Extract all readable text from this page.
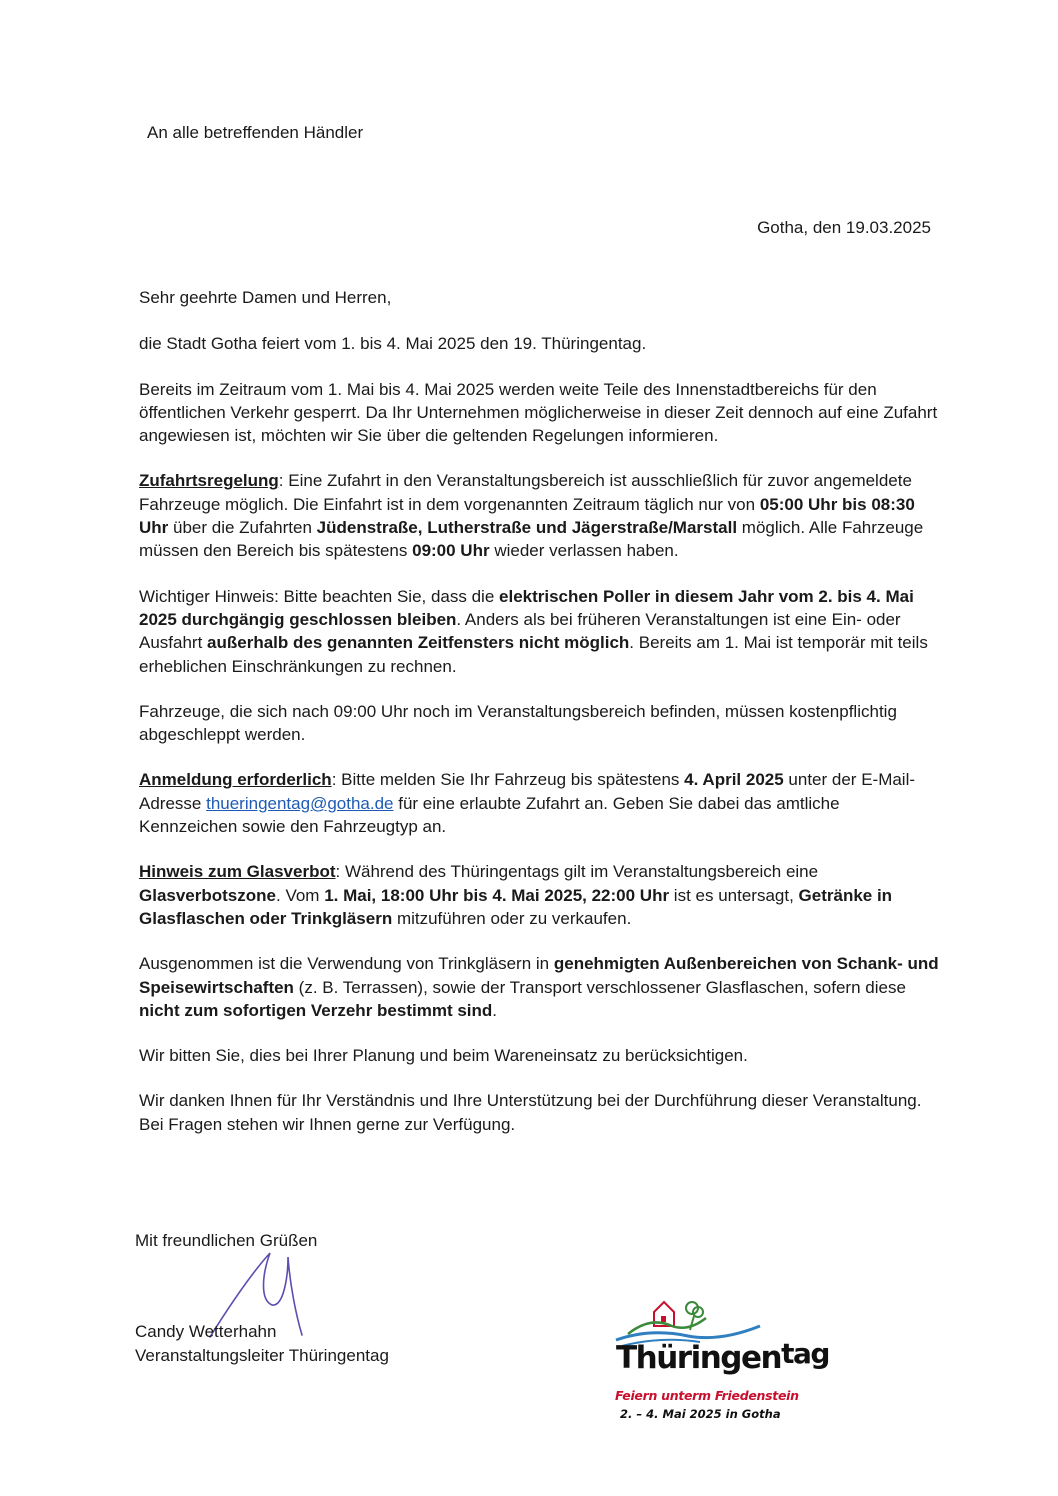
An alle betreffenden Händler
Gotha, den 19.03.2025

Sehr geehrte Damen und Herren,

die Stadt Gotha feiert vom 1. bis 4. Mai 2025 den 19. Thüringentag.

Bereits im Zeitraum vom 1. Mai bis 4. Mai 2025 werden weite Teile des Innenstadtbereichs für den öffentlichen Verkehr gesperrt. Da Ihr Unternehmen möglicherweise in dieser Zeit dennoch auf eine Zufahrt angewiesen ist, möchten wir Sie über die geltenden Regelungen informieren.

Zufahrtsregelung: Eine Zufahrt in den Veranstaltungsbereich ist ausschließlich für zuvor angemeldete Fahrzeuge möglich. Die Einfahrt ist in dem vorgenannten Zeitraum täglich nur von 05:00 Uhr bis 08:30 Uhr über die Zufahrten Jüdenstraße, Lutherstraße und Jägerstraße/Marstall möglich. Alle Fahrzeuge müssen den Bereich bis spätestens 09:00 Uhr wieder verlassen haben.

Wichtiger Hinweis: Bitte beachten Sie, dass die elektrischen Poller in diesem Jahr vom 2. bis 4. Mai 2025 durchgängig geschlossen bleiben. Anders als bei früheren Veranstaltungen ist eine Ein- oder Ausfahrt außerhalb des genannten Zeitfensters nicht möglich. Bereits am 1. Mai ist temporär mit teils erheblichen Einschränkungen zu rechnen.

Fahrzeuge, die sich nach 09:00 Uhr noch im Veranstaltungsbereich befinden, müssen kostenpflichtig abgeschleppt werden.

Anmeldung erforderlich: Bitte melden Sie Ihr Fahrzeug bis spätestens 4. April 2025 unter der E-Mail-Adresse thueringentag@gotha.de für eine erlaubte Zufahrt an. Geben Sie dabei das amtliche Kennzeichen sowie den Fahrzeugtyp an.

Hinweis zum Glasverbot: Während des Thüringentags gilt im Veranstaltungsbereich eine Glasverbotszone. Vom 1. Mai, 18:00 Uhr bis 4. Mai 2025, 22:00 Uhr ist es untersagt, Getränke in Glasflaschen oder Trinkgläsern mitzuführen oder zu verkaufen.

Ausgenommen ist die Verwendung von Trinkgläsern in genehmigten Außenbereichen von Schank- und Speisewirtschaften (z. B. Terrassen), sowie der Transport verschlossener Glasflaschen, sofern diese nicht zum sofortigen Verzehr bestimmt sind.

Wir bitten Sie, dies bei Ihrer Planung und beim Wareneinsatz zu berücksichtigen.

Wir danken Ihnen für Ihr Verständnis und Ihre Unterstützung bei der Durchführung dieser Veranstaltung. Bei Fragen stehen wir Ihnen gerne zur Verfügung.

Mit freundlichen Grüßen
Candy Wetterhahn
Veranstaltungsleiter Thüringentag	Thüringentag
Feiern unterm Friedenstein
2. – 4. Mai 2025 in Gotha
